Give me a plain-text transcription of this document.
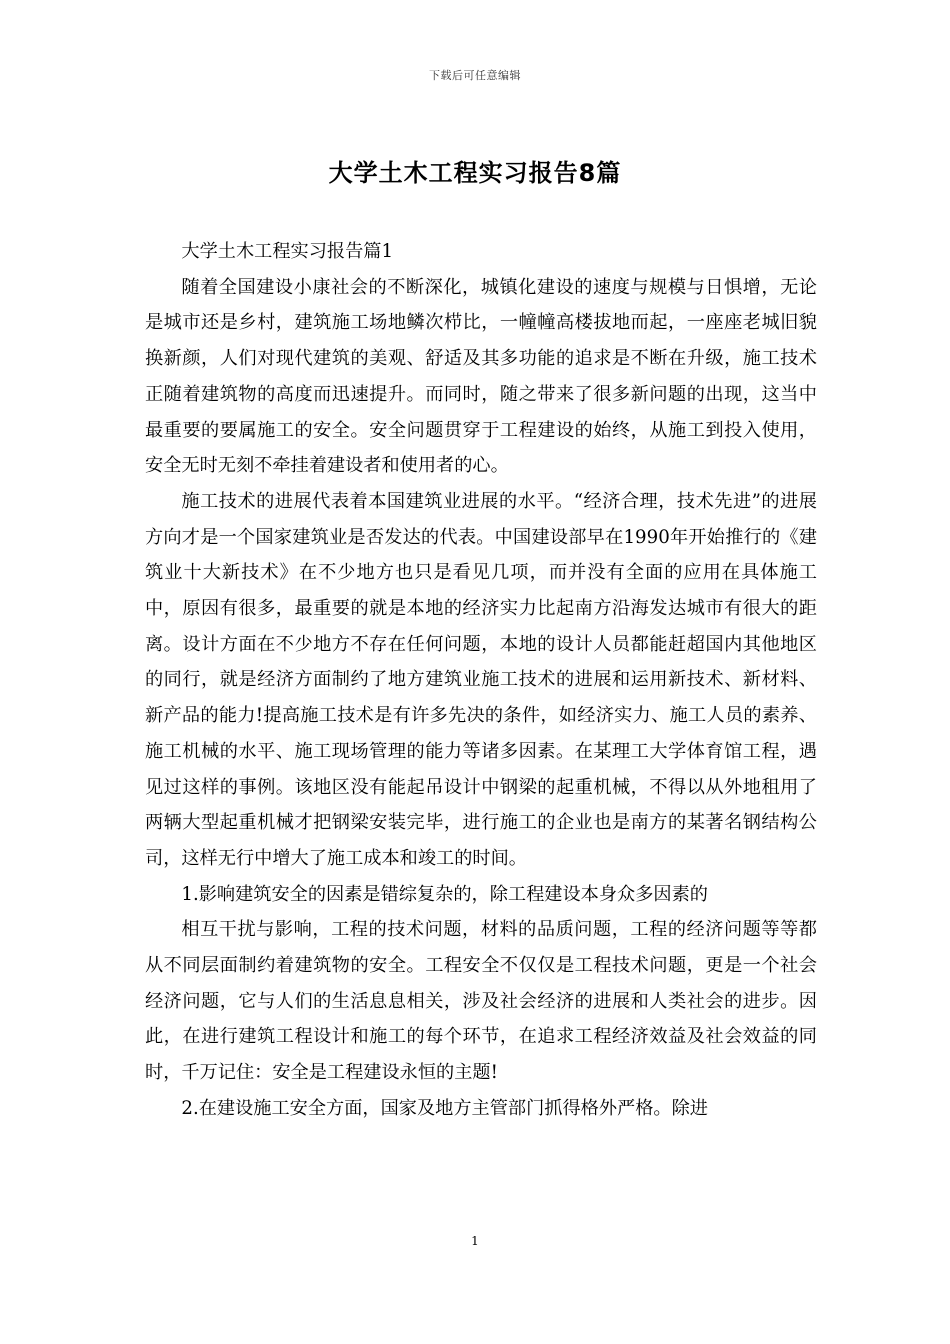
下载后可任意编辑
大学土木工程实习报告8篇

大学土木工程实习报告篇1

随着全国建设小康社会的不断深化，城镇化建设的速度与规模与日惧增，无论是城市还是乡村，建筑施工场地鳞次栉比，一幢幢高楼拔地而起，一座座老城旧貌换新颜，人们对现代建筑的美观、舒适及其多功能的追求是不断在升级，施工技术正随着建筑物的高度而迅速提升。而同时，随之带来了很多新问题的出现，这当中最重要的要属施工的安全。安全问题贯穿于工程建设的始终，从施工到投入使用，安全无时无刻不牵挂着建设者和使用者的心。

施工技术的进展代表着本国建筑业进展的水平。“经济合理，技术先进”的进展方向才是一个国家建筑业是否发达的代表。中国建设部早在1990年开始推行的《建筑业十大新技术》在不少地方也只是看见几项，而并没有全面的应用在具体施工中，原因有很多，最重要的就是本地的经济实力比起南方沿海发达城市有很大的距离。设计方面在不少地方不存在任何问题，本地的设计人员都能赶超国内其他地区的同行，就是经济方面制约了地方建筑业施工技术的进展和运用新技术、新材料、新产品的能力!提高施工技术是有许多先决的条件，如经济实力、施工人员的素养、施工机械的水平、施工现场管理的能力等诸多因素。在某理工大学体育馆工程，遇见过这样的事例。该地区没有能起吊设计中钢梁的起重机械，不得以从外地租用了两辆大型起重机械才把钢梁安装完毕，进行施工的企业也是南方的某著名钢结构公司，这样无行中增大了施工成本和竣工的时间。

1.影响建筑安全的因素是错综复杂的，除工程建设本身众多因素的

相互干扰与影响，工程的技术问题，材料的品质问题，工程的经济问题等等都从不同层面制约着建筑物的安全。工程安全不仅仅是工程技术问题，更是一个社会经济问题，它与人们的生活息息相关，涉及社会经济的进展和人类社会的进步。因此，在进行建筑工程设计和施工的每个环节，在追求工程经济效益及社会效益的同时，千万记住：安全是工程建设永恒的主题!

2.在建设施工安全方面，国家及地方主管部门抓得格外严格。除进

1
